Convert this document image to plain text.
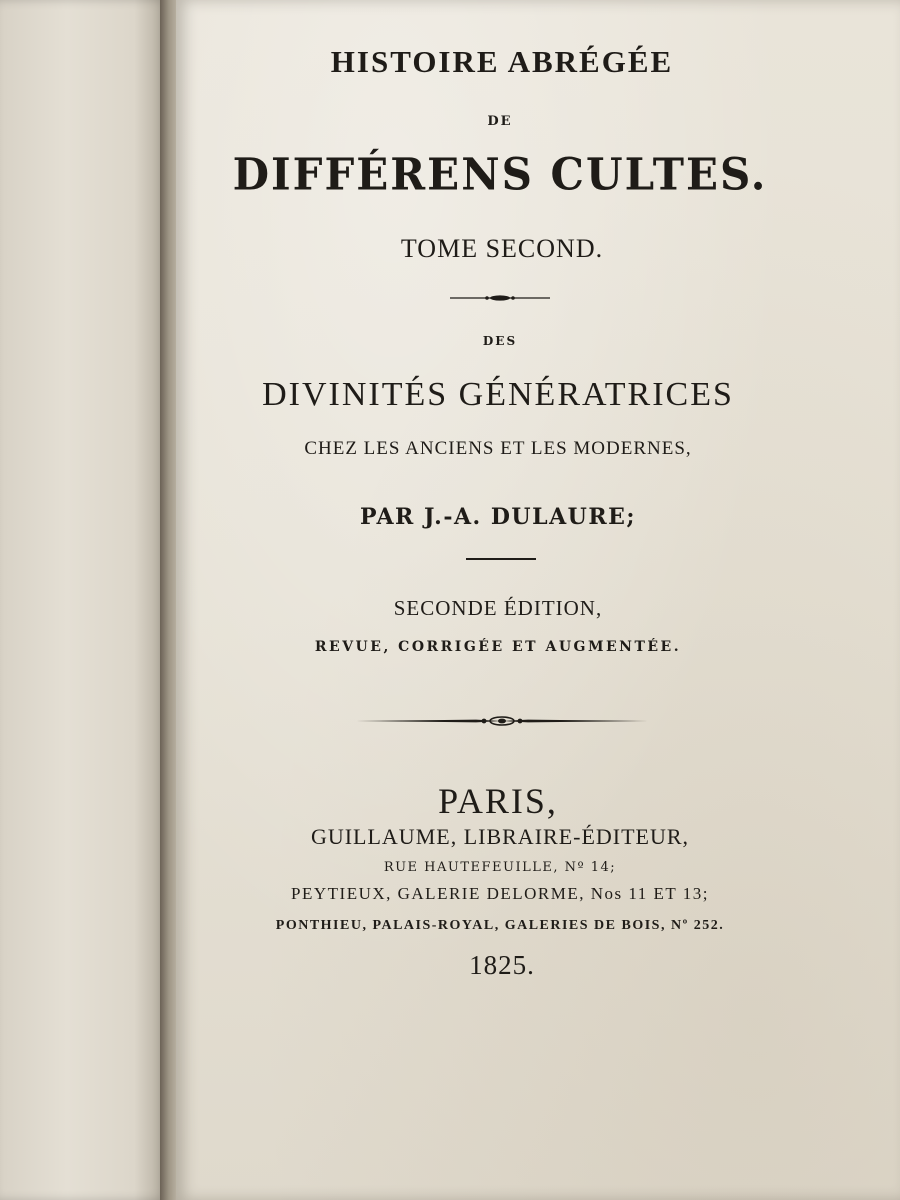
HISTOIRE ABRÉGÉE
DE
DIFFÉRENS CULTES.
TOME SECOND.
DES
DIVINITÉS GÉNÉRATRICES
CHEZ LES ANCIENS ET LES MODERNES,
PAR J.-A. DULAURE;
SECONDE ÉDITION,
REVUE, CORRIGÉE ET AUGMENTÉE.
PARIS,
GUILLAUME, LIBRAIRE-ÉDITEUR,
RUE HAUTEFEUILLE, Nº 14;
PEYTIEUX, GALERIE DELORME, Nos 11 ET 13;
PONTHIEU, PALAIS-ROYAL, GALERIES DE BOIS, Nº 252.
1825.
